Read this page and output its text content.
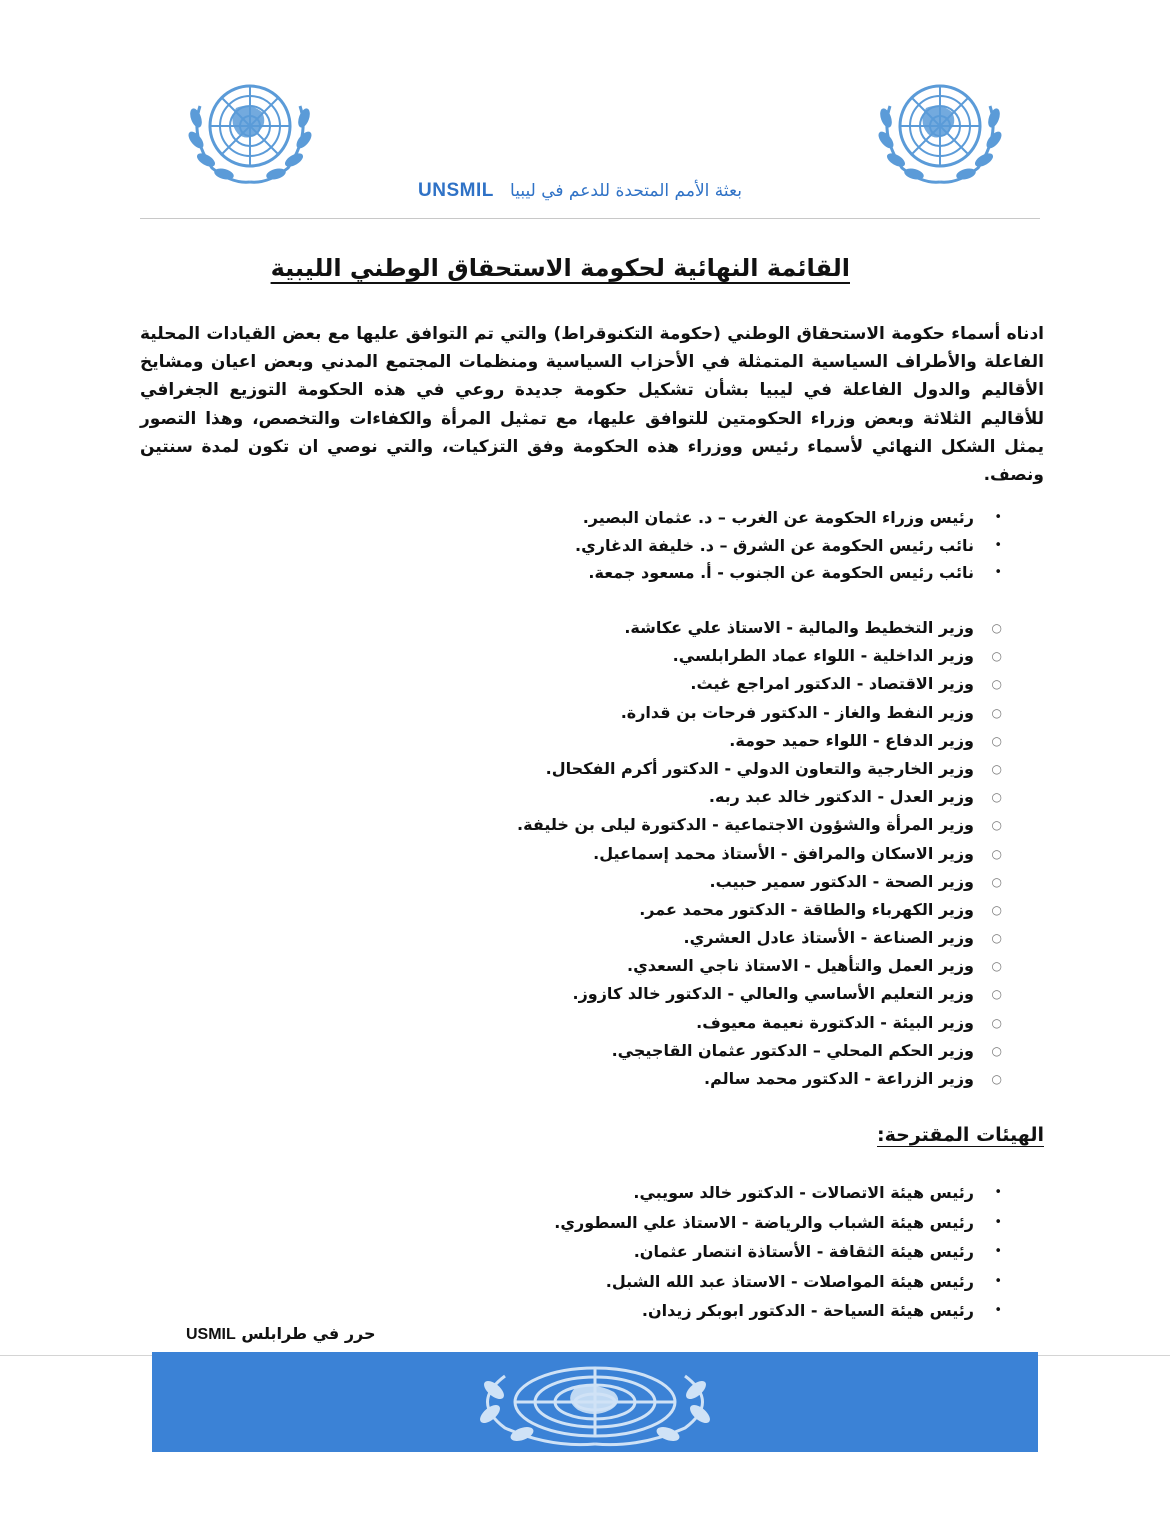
بعثة الأمم المتحدة للدعم في ليبيا   UNSMIL
القائمة النهائية لحكومة الاستحقاق الوطني الليبية
ادناه أسماء حكومة الاستحقاق الوطني (حكومة التكنوقراط) والتي تم التوافق عليها مع بعض القيادات المحلية الفاعلة والأطراف السياسية المتمثلة في الأحزاب السياسية ومنظمات المجتمع المدني وبعض اعيان ومشايخ الأقاليم والدول الفاعلة في ليبيا بشأن تشكيل حكومة جديدة روعي في هذه الحكومة التوزيع الجغرافي للأقاليم الثلاثة وبعض وزراء الحكومتين للتوافق عليها، مع تمثيل المرأة والكفاءات والتخصص، وهذا التصور يمثل الشكل النهائي لأسماء رئيس ووزراء هذه الحكومة وفق التزكيات، والتي نوصي ان تكون لمدة سنتين ونصف.
•
رئيس وزراء الحكومة عن الغرب – د. عثمان البصير.
•
نائب رئيس الحكومة عن الشرق – د. خليفة الدغاري.
•
نائب رئيس الحكومة عن الجنوب - أ. مسعود جمعة.
○
وزير التخطيط والمالية - الاستاذ علي عكاشة.
○
وزير الداخلية - اللواء عماد الطرابلسي.
○
وزير الاقتصاد - الدكتور امراجع غيث.
○
وزير النفط والغاز - الدكتور فرحات بن قدارة.
○
وزير الدفاع - اللواء حميد حومة.
○
وزير الخارجية والتعاون الدولي - الدكتور أكرم الفكحال.
○
وزير العدل - الدكتور خالد عبد ربه.
○
وزير المرأة والشؤون الاجتماعية - الدكتورة ليلى بن خليفة.
○
وزير الاسكان والمرافق - الأستاذ محمد إسماعيل.
○
وزير الصحة - الدكتور سمير حبيب.
○
وزير الكهرباء والطاقة - الدكتور محمد عمر.
○
وزير الصناعة - الأستاذ عادل العشري.
○
وزير العمل والتأهيل - الاستاذ ناجي السعدي.
○
وزير التعليم الأساسي والعالي - الدكتور خالد كازوز.
○
وزير البيئة - الدكتورة نعيمة معيوف.
○
وزير الحكم المحلي – الدكتور عثمان القاجيجي.
○
وزير الزراعة - الدكتور محمد سالم.
الهيئات المقترحة:
•
رئيس هيئة الاتصالات - الدكتور خالد سويبي.
•
رئيس هيئة الشباب والرياضة - الاستاذ علي السطوري.
•
رئيس هيئة الثقافة - الأستاذة انتصار عثمان.
•
رئيس هيئة المواصلات - الاستاذ عبد الله الشبل.
•
رئيس هيئة السياحة - الدكتور ابوبكر زيدان.
حرر في طرابلس USMIL
